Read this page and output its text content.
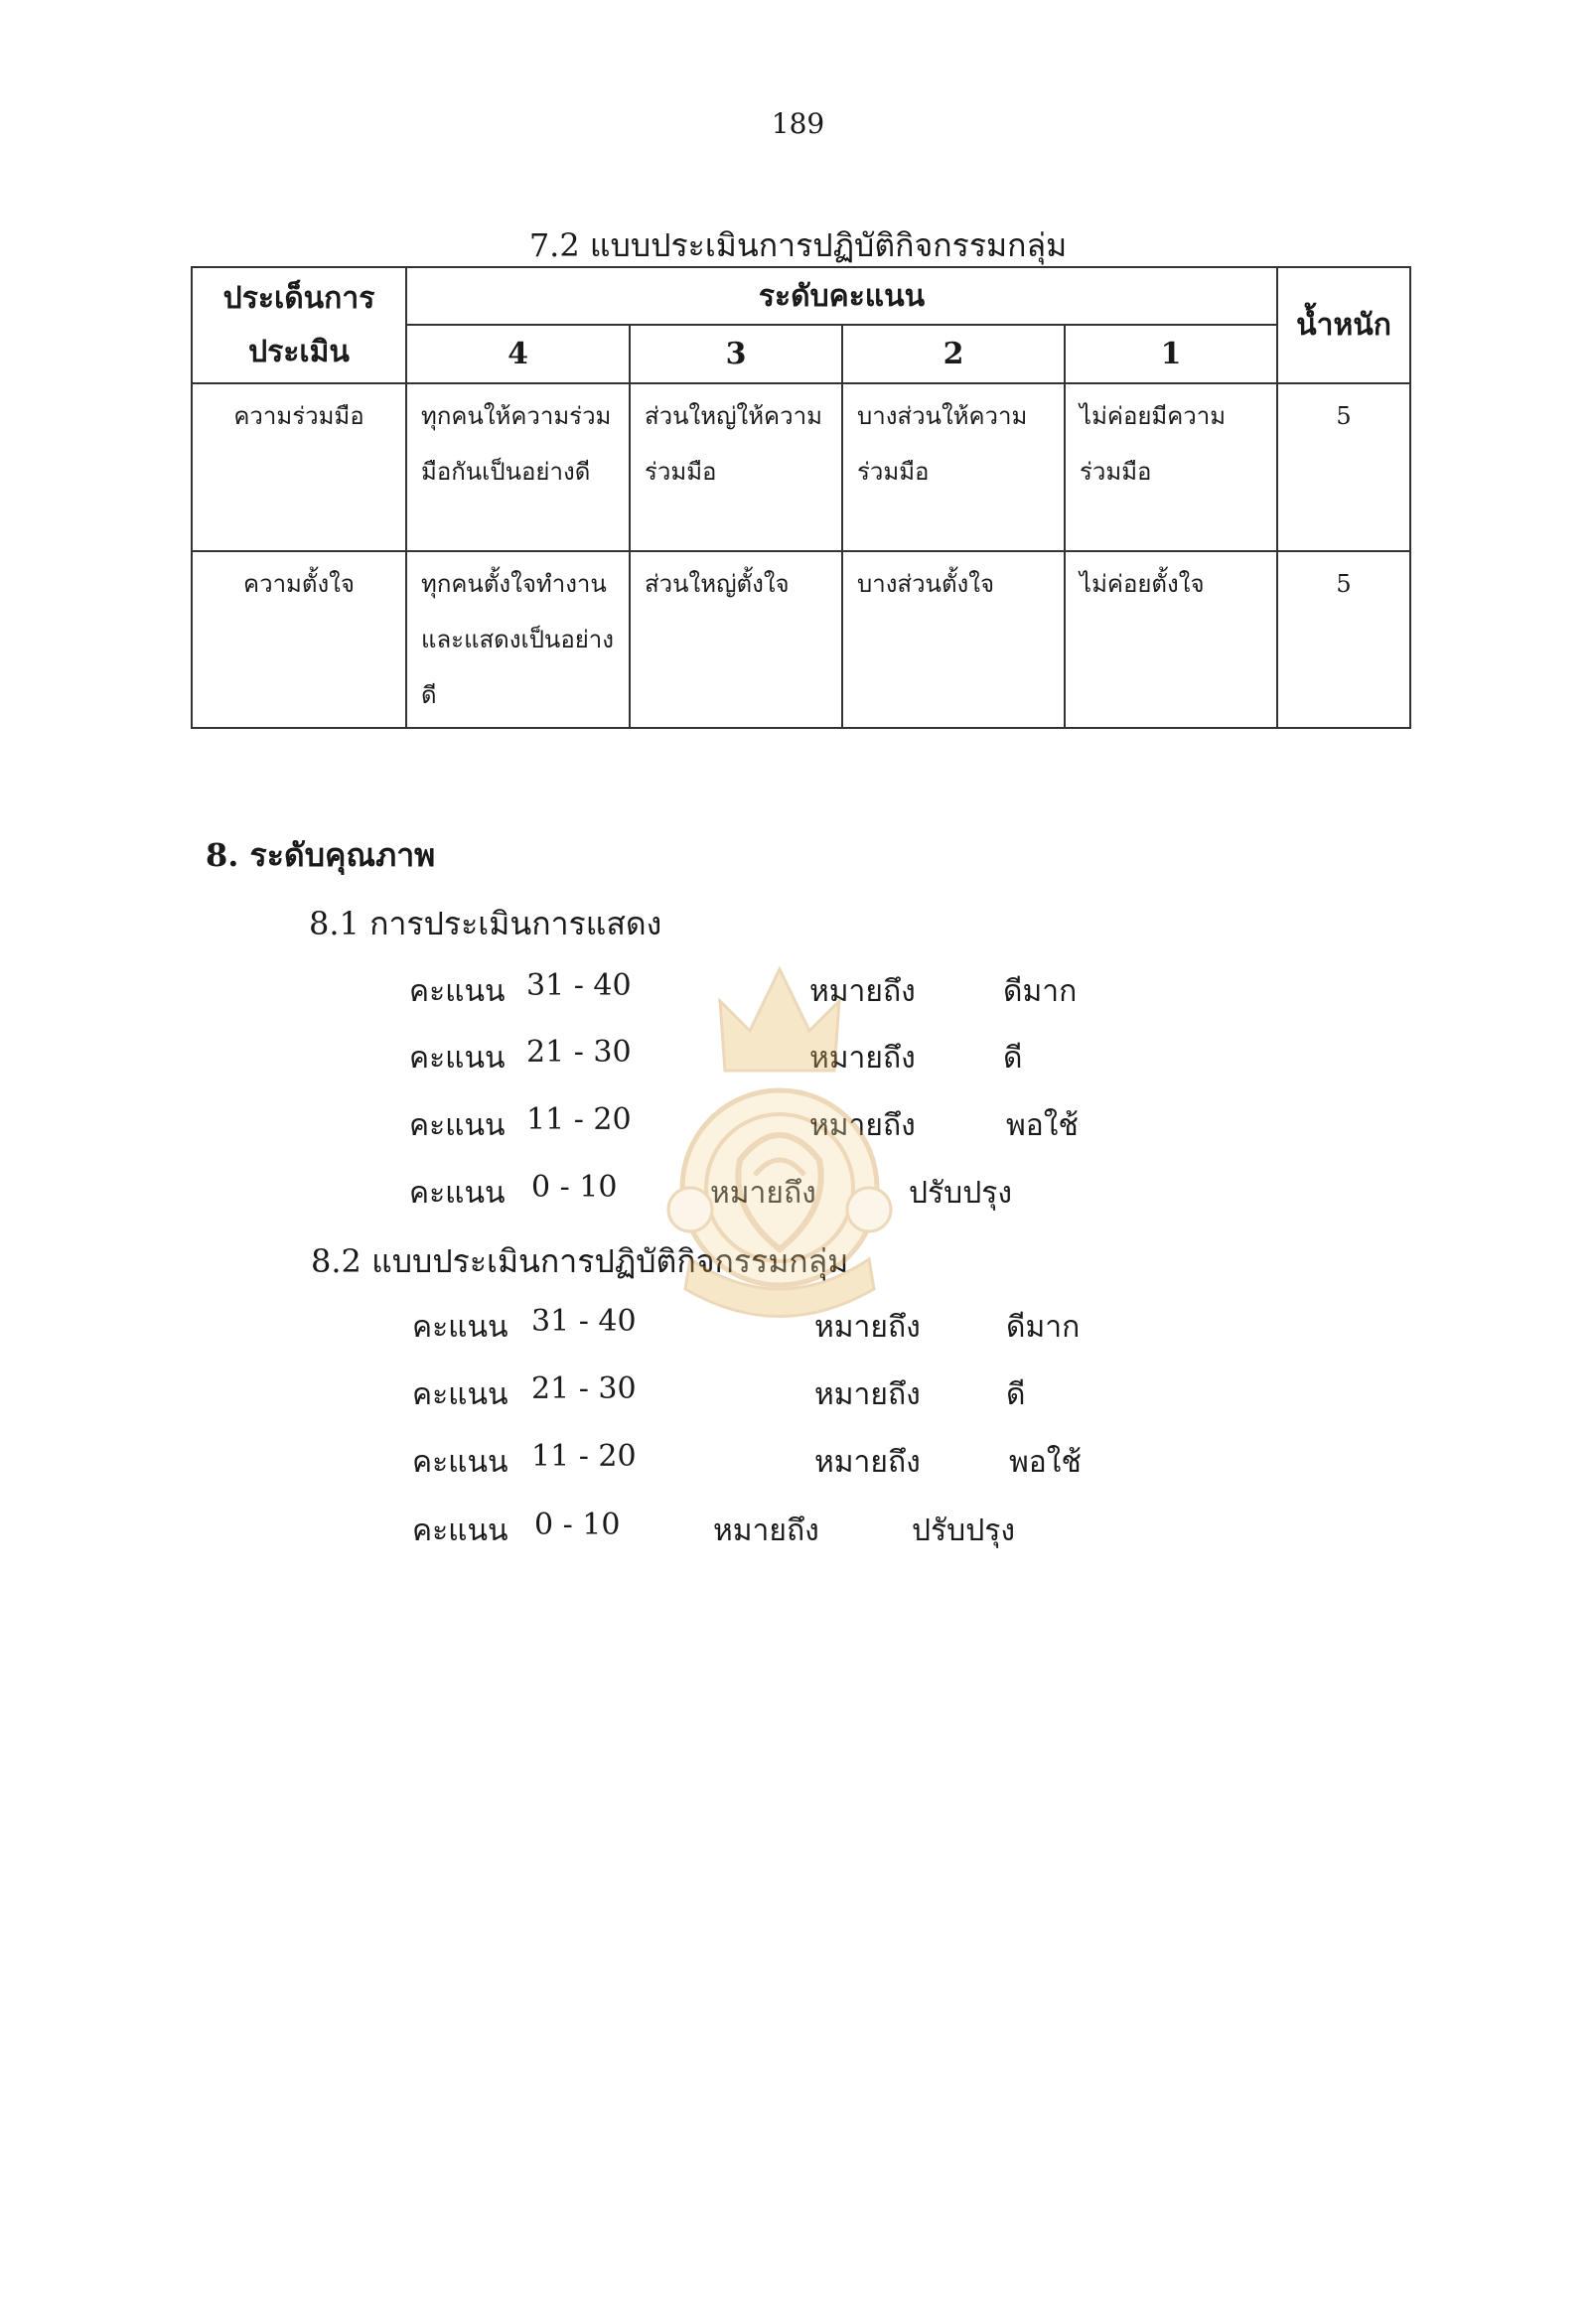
189
7.2 แบบประเมินการปฏิบัติกิจกรรมกลุ่ม
ประเด็นการประเมิน	ระดับคะแนน				น้ำหนัก
	4	3	2	1	
ความร่วมมือ	ทุกคนให้ความร่วมมือกันเป็นอย่างดี	ส่วนใหญ่ให้ความร่วมมือ	บางส่วนให้ความร่วมมือ	ไม่ค่อยมีความร่วมมือ	5
ความตั้งใจ	ทุกคนตั้งใจทำงานและแสดงเป็นอย่างดี	ส่วนใหญ่ตั้งใจ	บางส่วนตั้งใจ	ไม่ค่อยตั้งใจ	5
8. ระดับคุณภาพ
8.1 การประเมินการแสดง
คะแนน 31 - 40	หมายถึง	ดีมาก
คะแนน 21 - 30	หมายถึง	ดี
คะแนน 11 - 20	หมายถึง	พอใช้
คะแนน 0 - 10	หมายถึง	ปรับปรุง
8.2 แบบประเมินการปฏิบัติกิจกรรมกลุ่ม
คะแนน 31 - 40	หมายถึง	ดีมาก
คะแนน 21 - 30	หมายถึง	ดี
คะแนน 11 - 20	หมายถึง	พอใช้
คะแนน 0 - 10	หมายถึง	ปรับปรุง
